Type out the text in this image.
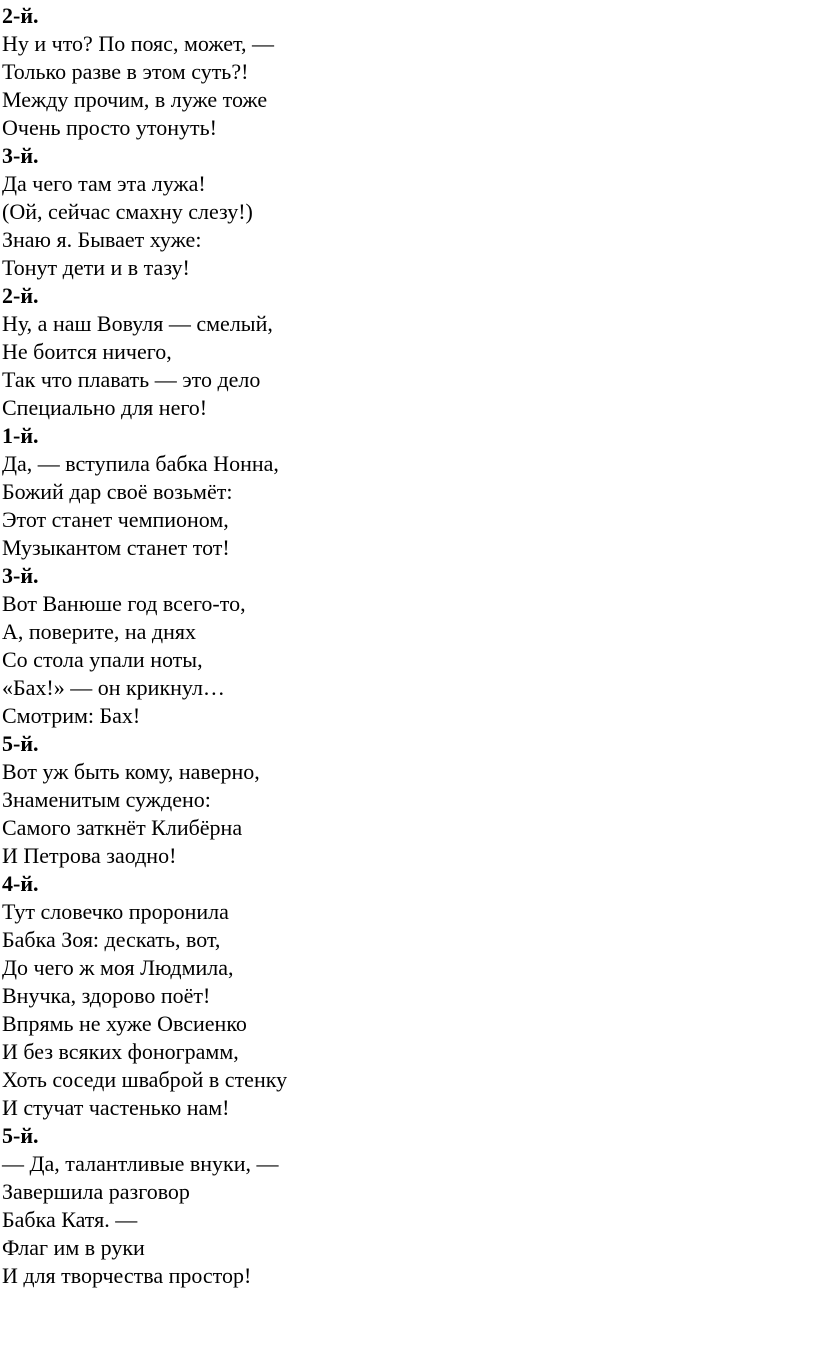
2-й.
Ну и что? По пояс, может, —
Только разве в этом суть?!
Между прочим, в луже тоже
Очень просто утонуть!
3-й.
Да чего там эта лужа!
(Ой, сейчас смахну слезу!)
Знаю я. Бывает хуже:
Тонут дети и в тазу!
2-й.
Ну, а наш Вовуля — смелый,
Не боится ничего,
Так что плавать — это дело
Специально для него!
1-й.
Да, — вступила бабка Нонна,
Божий дар своё возьмёт:
Этот станет чемпионом,
Музыкантом станет тот!
3-й.
Вот Ванюше год всего-то,
А, поверите, на днях
Со стола упали ноты,
«Бах!» — он крикнул…
Смотрим: Бах!
5-й.
Вот уж быть кому, наверно,
Знаменитым суждено:
Самого заткнёт Клибёрна
И Петрова заодно!
4-й.
Тут словечко проронила
Бабка Зоя: дескать, вот,
До чего ж моя Людмила,
Внучка, здорово поёт!
Впрямь не хуже Овсиенко
И без всяких фонограмм,
Хоть соседи шваброй в стенку
И стучат частенько нам!
5-й.
— Да, талантливые внуки, —
Завершила разговор
Бабка Катя. —
Флаг им в руки
И для творчества простор!
